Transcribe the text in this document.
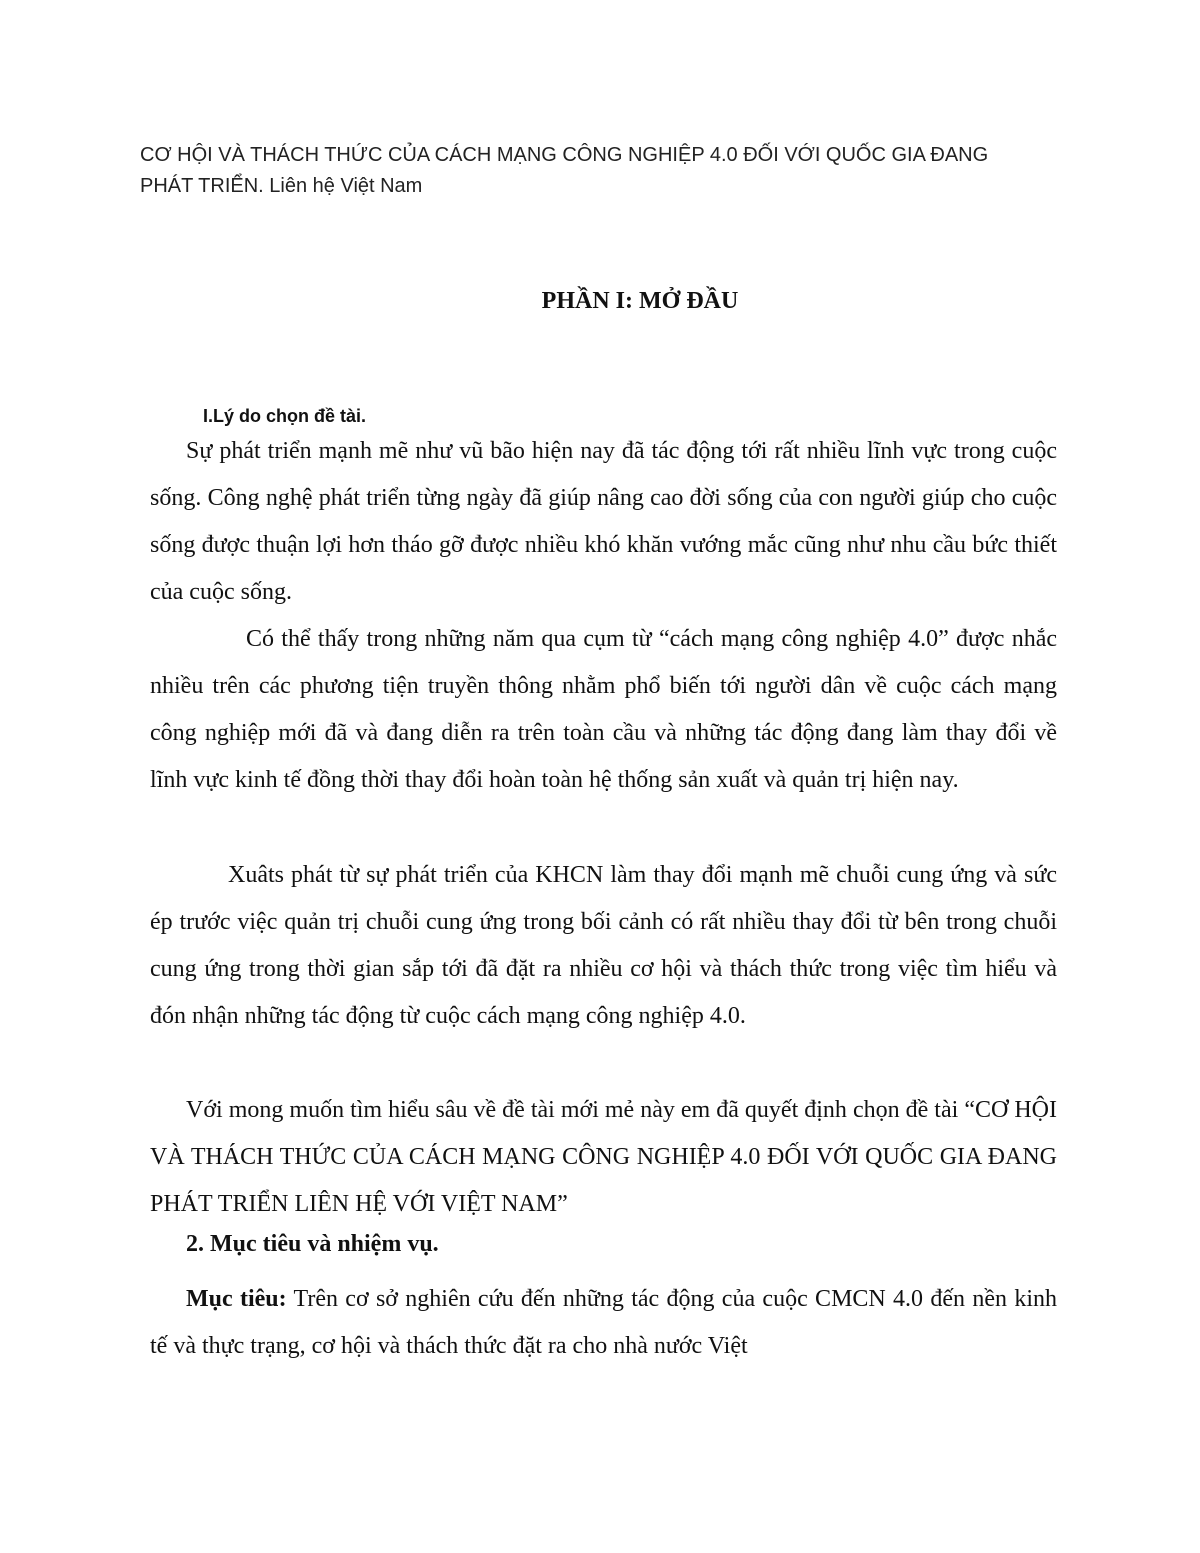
CƠ HỘI VÀ THÁCH THỨC CỦA CÁCH MẠNG CÔNG NGHIỆP 4.0 ĐỐI VỚI QUỐC GIA ĐANG
PHÁT TRIỂN. Liên hệ Việt Nam
PHẦN I: MỞ ĐẦU
I.Lý do chọn đề tài.
Sự phát triển mạnh mẽ như vũ bão hiện nay đã tác động tới rất nhiều lĩnh vực trong cuộc sống. Công nghệ phát triển từng ngày đã giúp nâng cao đời sống của con người giúp cho cuộc sống được thuận lợi hơn tháo gỡ được nhiều khó khăn vướng mắc cũng như nhu cầu bức thiết của cuộc sống.
Có thể thấy trong những năm qua cụm từ “cách mạng công nghiệp 4.0” được nhắc nhiều trên các phương tiện truyền thông nhằm phổ biến tới người dân về cuộc cách mạng công nghiệp mới đã và đang diễn ra trên toàn cầu và những tác động đang làm thay đổi về lĩnh vực kinh tế đồng thời thay đổi hoàn toàn hệ thống sản xuất và quản trị hiện nay.
Xuâts phát từ sự phát triển của KHCN làm thay đổi mạnh mẽ chuỗi cung ứng và sức ép trước việc quản trị chuỗi cung ứng trong bối cảnh có rất nhiều thay đổi từ bên trong chuỗi cung ứng trong thời gian sắp tới đã đặt ra nhiều cơ hội và thách thức trong việc tìm hiểu và đón nhận những tác động từ cuộc cách mạng công nghiệp 4.0.
Với mong muốn tìm hiểu sâu về đề tài mới mẻ này em đã quyết định chọn đề tài “CƠ HỘI VÀ THÁCH THỨC CỦA CÁCH MẠNG CÔNG NGHIỆP 4.0 ĐỐI VỚI QUỐC GIA ĐANG PHÁT TRIỂN LIÊN HỆ VỚI VIỆT NAM”
2. Mục tiêu và nhiệm vụ.
Mục tiêu: Trên cơ sở nghiên cứu đến những tác động của cuộc CMCN 4.0 đến nền kinh tế và thực trạng, cơ hội và thách thức đặt ra cho nhà nước Việt
